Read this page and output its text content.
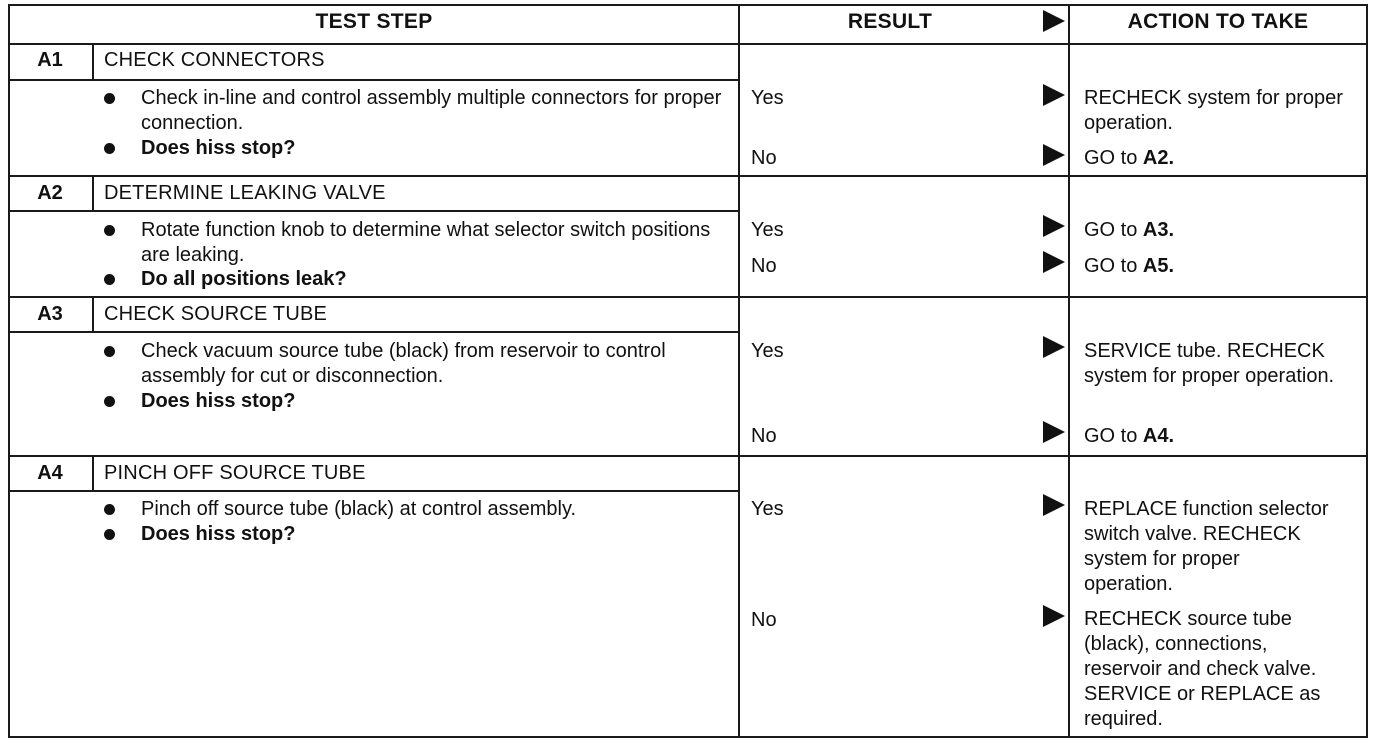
TEST STEP	RESULT	ACTION TO TAKE
A1	CHECK CONNECTORS
Check in-line and control assembly multiple connectors for proper connection.
Does hiss stop?
Yes	RECHECK system for proper operation.
No	GO to A2.
A2	DETERMINE LEAKING VALVE
Rotate function knob to determine what selector switch positions are leaking.
Do all positions leak?
Yes	GO to A3.
No	GO to A5.
A3	CHECK SOURCE TUBE
Check vacuum source tube (black) from reservoir to control assembly for cut or disconnection.
Does hiss stop?
Yes	SERVICE tube. RECHECK system for proper operation.
No	GO to A4.
A4	PINCH OFF SOURCE TUBE
Pinch off source tube (black) at control assembly.
Does hiss stop?
Yes	REPLACE function selector switch valve. RECHECK system for proper operation.
No	RECHECK source tube (black), connections, reservoir and check valve. SERVICE or REPLACE as required.
